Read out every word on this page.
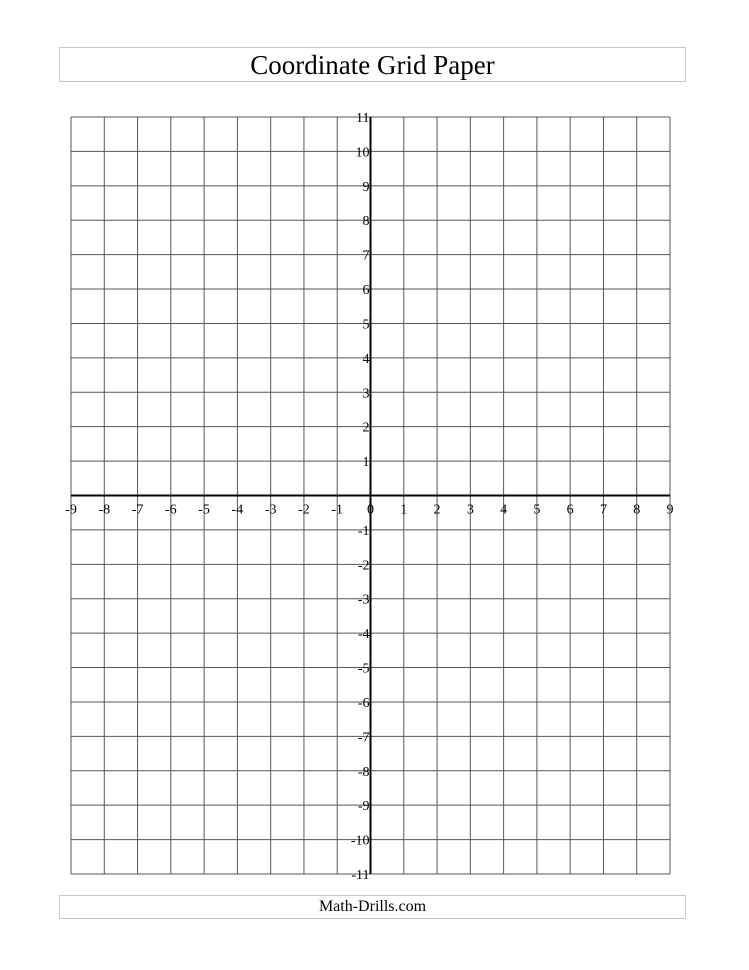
Coordinate Grid Paper
-9 -8 -7 -6 -5 -4 -3 -2 -1 0 1 2 3 4 5 6 7 8 9
11
10
9
8
7
6
5
4
3
2
1
-1
-2
-3
-4
-5
-6
-7
-8
-9
-10
-11
Math-Drills.com
